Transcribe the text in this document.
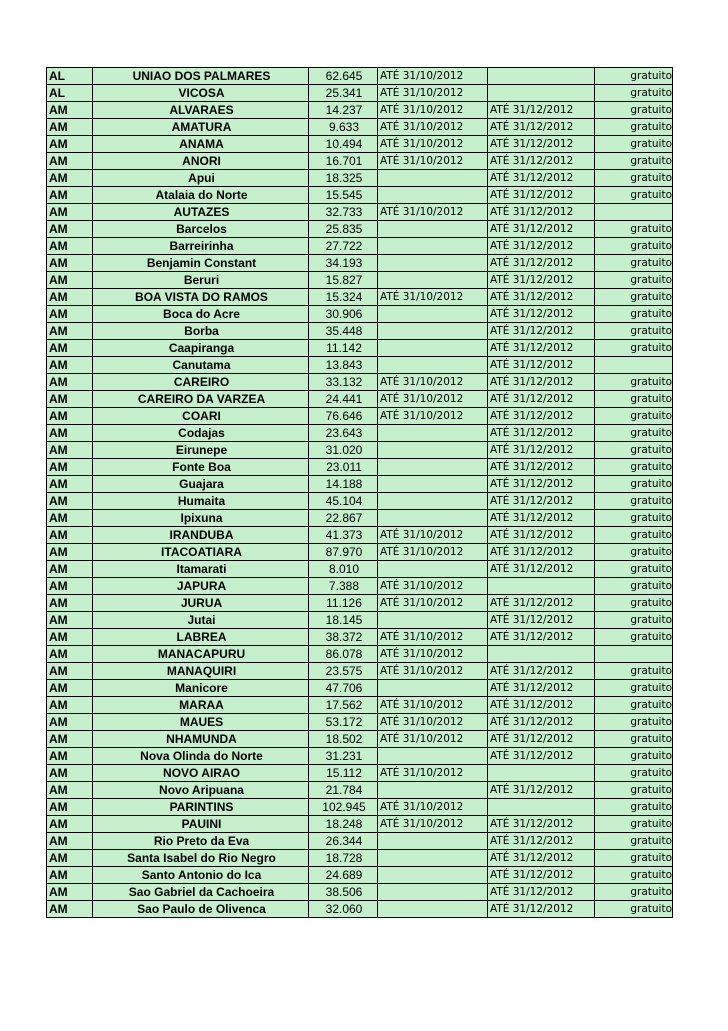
AL	UNIAO DOS PALMARES	62.645	ATÉ 31/10/2012		gratuito
AL	VICOSA	25.341	ATÉ 31/10/2012		gratuito
AM	ALVARAES	14.237	ATÉ 31/10/2012	ATÉ 31/12/2012	gratuito
AM	AMATURA	9.633	ATÉ 31/10/2012	ATÉ 31/12/2012	gratuito
AM	ANAMA	10.494	ATÉ 31/10/2012	ATÉ 31/12/2012	gratuito
AM	ANORI	16.701	ATÉ 31/10/2012	ATÉ 31/12/2012	gratuito
AM	Apui	18.325		ATÉ 31/12/2012	gratuito
AM	Atalaia do Norte	15.545		ATÉ 31/12/2012	gratuito
AM	AUTAZES	32.733	ATÉ 31/10/2012	ATÉ 31/12/2012	
AM	Barcelos	25.835		ATÉ 31/12/2012	gratuito
AM	Barreirinha	27.722		ATÉ 31/12/2012	gratuito
AM	Benjamin Constant	34.193		ATÉ 31/12/2012	gratuito
AM	Beruri	15.827		ATÉ 31/12/2012	gratuito
AM	BOA VISTA DO RAMOS	15.324	ATÉ 31/10/2012	ATÉ 31/12/2012	gratuito
AM	Boca do Acre	30.906		ATÉ 31/12/2012	gratuito
AM	Borba	35.448		ATÉ 31/12/2012	gratuito
AM	Caapiranga	11.142		ATÉ 31/12/2012	gratuito
AM	Canutama	13.843		ATÉ 31/12/2012	
AM	CAREIRO	33.132	ATÉ 31/10/2012	ATÉ 31/12/2012	gratuito
AM	CAREIRO DA VARZEA	24.441	ATÉ 31/10/2012	ATÉ 31/12/2012	gratuito
AM	COARI	76.646	ATÉ 31/10/2012	ATÉ 31/12/2012	gratuito
AM	Codajas	23.643		ATÉ 31/12/2012	gratuito
AM	Eirunepe	31.020		ATÉ 31/12/2012	gratuito
AM	Fonte Boa	23.011		ATÉ 31/12/2012	gratuito
AM	Guajara	14.188		ATÉ 31/12/2012	gratuito
AM	Humaita	45.104		ATÉ 31/12/2012	gratuito
AM	Ipixuna	22.867		ATÉ 31/12/2012	gratuito
AM	IRANDUBA	41.373	ATÉ 31/10/2012	ATÉ 31/12/2012	gratuito
AM	ITACOATIARA	87.970	ATÉ 31/10/2012	ATÉ 31/12/2012	gratuito
AM	Itamarati	8.010		ATÉ 31/12/2012	gratuito
AM	JAPURA	7.388	ATÉ 31/10/2012		gratuito
AM	JURUA	11.126	ATÉ 31/10/2012	ATÉ 31/12/2012	gratuito
AM	Jutai	18.145		ATÉ 31/12/2012	gratuito
AM	LABREA	38.372	ATÉ 31/10/2012	ATÉ 31/12/2012	gratuito
AM	MANACAPURU	86.078	ATÉ 31/10/2012		
AM	MANAQUIRI	23.575	ATÉ 31/10/2012	ATÉ 31/12/2012	gratuito
AM	Manicore	47.706		ATÉ 31/12/2012	gratuito
AM	MARAA	17.562	ATÉ 31/10/2012	ATÉ 31/12/2012	gratuito
AM	MAUES	53.172	ATÉ 31/10/2012	ATÉ 31/12/2012	gratuito
AM	NHAMUNDA	18.502	ATÉ 31/10/2012	ATÉ 31/12/2012	gratuito
AM	Nova Olinda do Norte	31.231		ATÉ 31/12/2012	gratuito
AM	NOVO AIRAO	15.112	ATÉ 31/10/2012		gratuito
AM	Novo Aripuana	21.784		ATÉ 31/12/2012	gratuito
AM	PARINTINS	102.945	ATÉ 31/10/2012		gratuito
AM	PAUINI	18.248	ATÉ 31/10/2012	ATÉ 31/12/2012	gratuito
AM	Rio Preto da Eva	26.344		ATÉ 31/12/2012	gratuito
AM	Santa Isabel do Rio Negro	18.728		ATÉ 31/12/2012	gratuito
AM	Santo Antonio do Ica	24.689		ATÉ 31/12/2012	gratuito
AM	Sao Gabriel da Cachoeira	38.506		ATÉ 31/12/2012	gratuito
AM	Sao Paulo de Olivenca	32.060		ATÉ 31/12/2012	gratuito
